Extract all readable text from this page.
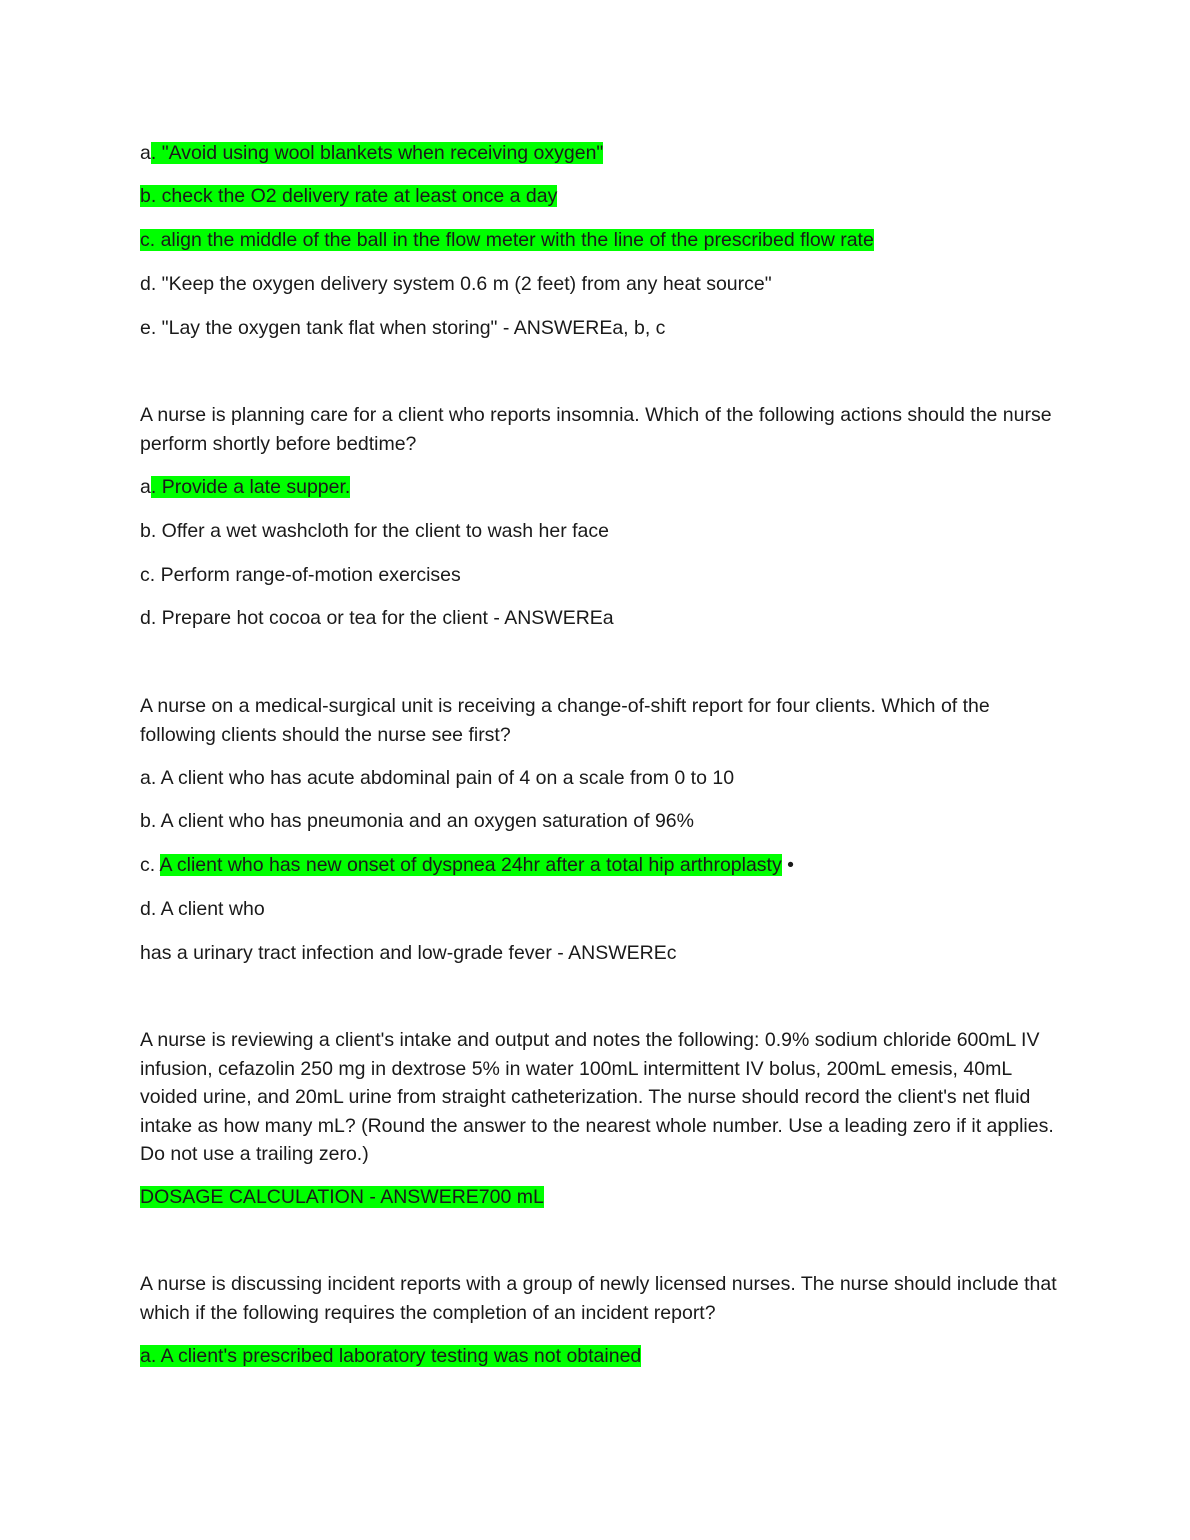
a. "Avoid using wool blankets when receiving oxygen"

b. check the O2 delivery rate at least once a day

c. align the middle of the ball in the flow meter with the line of the prescribed flow rate

d. "Keep the oxygen delivery system 0.6 m (2 feet) from any heat source"

e. "Lay the oxygen tank flat when storing" - ANSWEREa, b, c

A nurse is planning care for a client who reports insomnia. Which of the following actions should the nurse perform shortly before bedtime?

a. Provide a late supper.

b. Offer a wet washcloth for the client to wash her face

c. Perform range-of-motion exercises

d. Prepare hot cocoa or tea for the client - ANSWEREa

A nurse on a medical-surgical unit is receiving a change-of-shift report for four clients. Which of the following clients should the nurse see first?

a. A client who has acute abdominal pain of 4 on a scale from 0 to 10

b. A client who has pneumonia and an oxygen saturation of 96%

c. A client who has new onset of dyspnea 24hr after a total hip arthroplasty •

d. A client who

has a urinary tract infection and low-grade fever - ANSWEREc

A nurse is reviewing a client's intake and output and notes the following: 0.9% sodium chloride 600mL IV infusion, cefazolin 250 mg in dextrose 5% in water 100mL intermittent IV bolus, 200mL emesis, 40mL voided urine, and 20mL urine from straight catheterization. The nurse should record the client's net fluid intake as how many mL? (Round the answer to the nearest whole number. Use a leading zero if it applies. Do not use a trailing zero.)

DOSAGE CALCULATION - ANSWERE700 mL

A nurse is discussing incident reports with a group of newly licensed nurses. The nurse should include that which if the following requires the completion of an incident report?

a. A client's prescribed laboratory testing was not obtained
